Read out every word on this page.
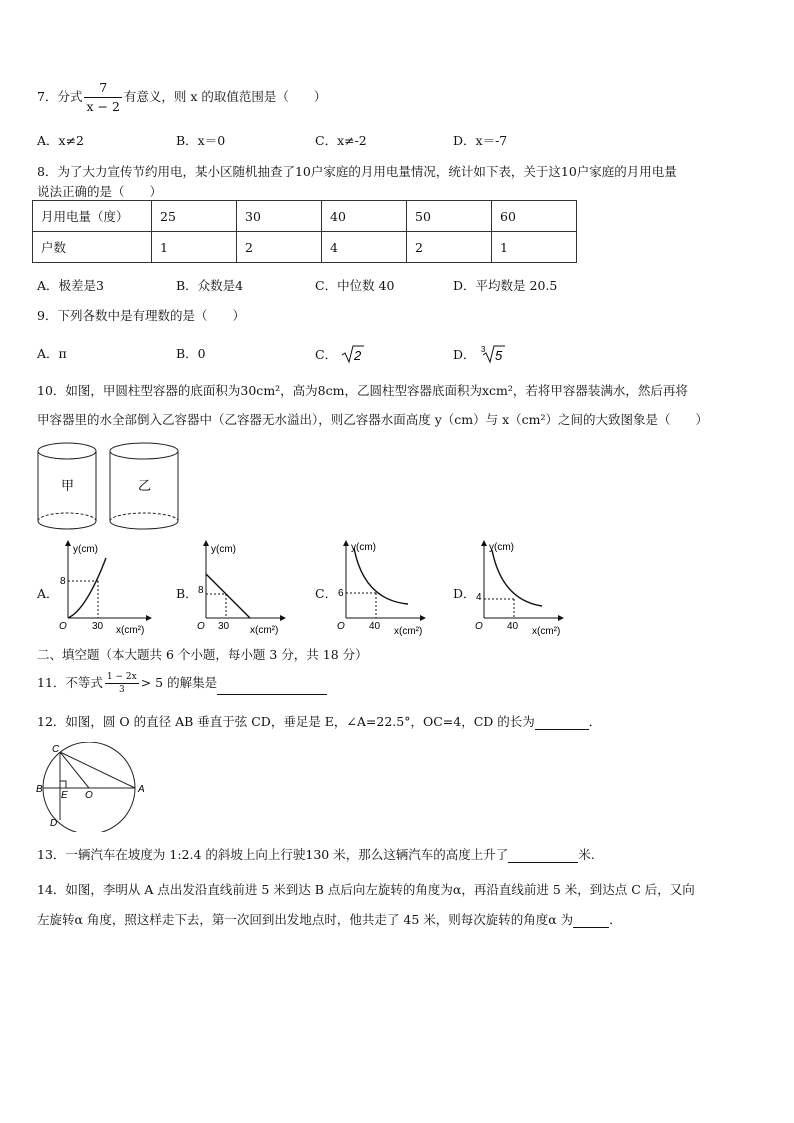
7．分式 $\frac{7}{x - 2}$ 有意义，则 x 的取值范围是（　　）
A．x≠2	B．x＝0	C．x≠-2	D．x＝-7
8．为了大力宣传节约用电，某小区随机抽查了10户家庭的月用电量情况，统计如下表，关于这10户家庭的月用电量
说法正确的是（　　）
月用电量（度）	25	30	40	50	60
户数	1	2	4	2	1
A．极差是3	B．众数是4	C．中位数 40	D．平均数是 20.5
9．下列各数中是有理数的是（　　）
A．π	B．0	C． 2	D． 3 5
10．如图，甲圆柱型容器的底面积为30cm²，高为8cm，乙圆柱型容器底面积为xcm²，若将甲容器装满水，然后再将
甲容器里的水全部倒入乙容器中（乙容器无水溢出），则乙容器水面高度 y（cm）与 x（cm²）之间的大致图象是（　　）
甲	乙
A．
y(cm)
8
O	30 x(cm²)
B．
y(cm)
8
O 30 x(cm²)
C．
y(cm)
6
O 40 x(cm²)
D．
y(cm)
4
O 40 x(cm²)
二、填空题（本大题共 6 个小题，每小题 3 分，共 18 分）
11．不等式 $\frac{1 - 2x}{3} > 5$ 的解集是
12．如图，圆 O 的直径 AB 垂直于弦 CD，垂足是 E，∠A=22.5°，OC=4，CD 的长为	．
C
B
E O
A
D
13．一辆汽车在坡度为 1:2.4 的斜坡上向上行驶130 米，那么这辆汽车的高度上升了	米.
14．如图，李明从 A 点出发沿直线前进 5 米到达 B 点后向左旋转的角度为α，再沿直线前进 5 米，到达点 C 后，又向
左旋转α 角度，照这样走下去，第一次回到出发地点时，他共走了 45 米，则每次旋转的角度α 为	．
